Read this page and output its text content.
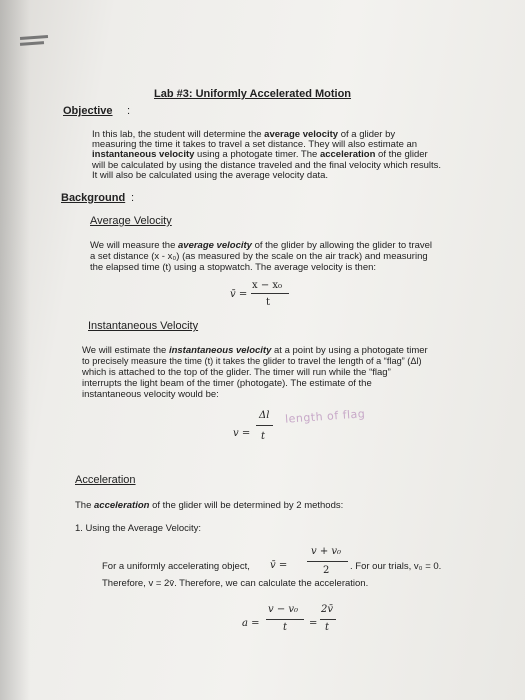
Lab #3: Uniformly Accelerated Motion
Objective :
In this lab, the student will determine the average velocity of a glider by
measuring the time it takes to travel a set distance. They will also estimate an
instantaneous velocity using a photogate timer. The acceleration of the glider
will be calculated by using the distance traveled and the final velocity which results.
It will also be calculated using the average velocity data.
Background :
Average Velocity
We will measure the average velocity of the glider by allowing the glider to travel
a set distance (x - x₀) (as measured by the scale on the air track) and measuring
the elapsed time (t) using a stopwatch. The average velocity is then:
v̄ =
x − x₀
t
Instantaneous Velocity
We will estimate the instantaneous velocity at a point by using a photogate timer
to precisely measure the time (t) it takes the glider to travel the length of a “flag” (Δl)
which is attached to the top of the glider. The timer will run while the “flag”
interrupts the light beam of the timer (photogate). The estimate of the
instantaneous velocity would be:
v =
Δl
t
length of flag
Acceleration
The acceleration of the glider will be determined by 2 methods:
1. Using the Average Velocity:
For a uniformly accelerating object, v̄ =
v + v₀
2 . For our trials, v₀ = 0.
Therefore, v = 2v̄. Therefore, we can calculate the acceleration.
a =
v − v₀
t =
2v̄
t
